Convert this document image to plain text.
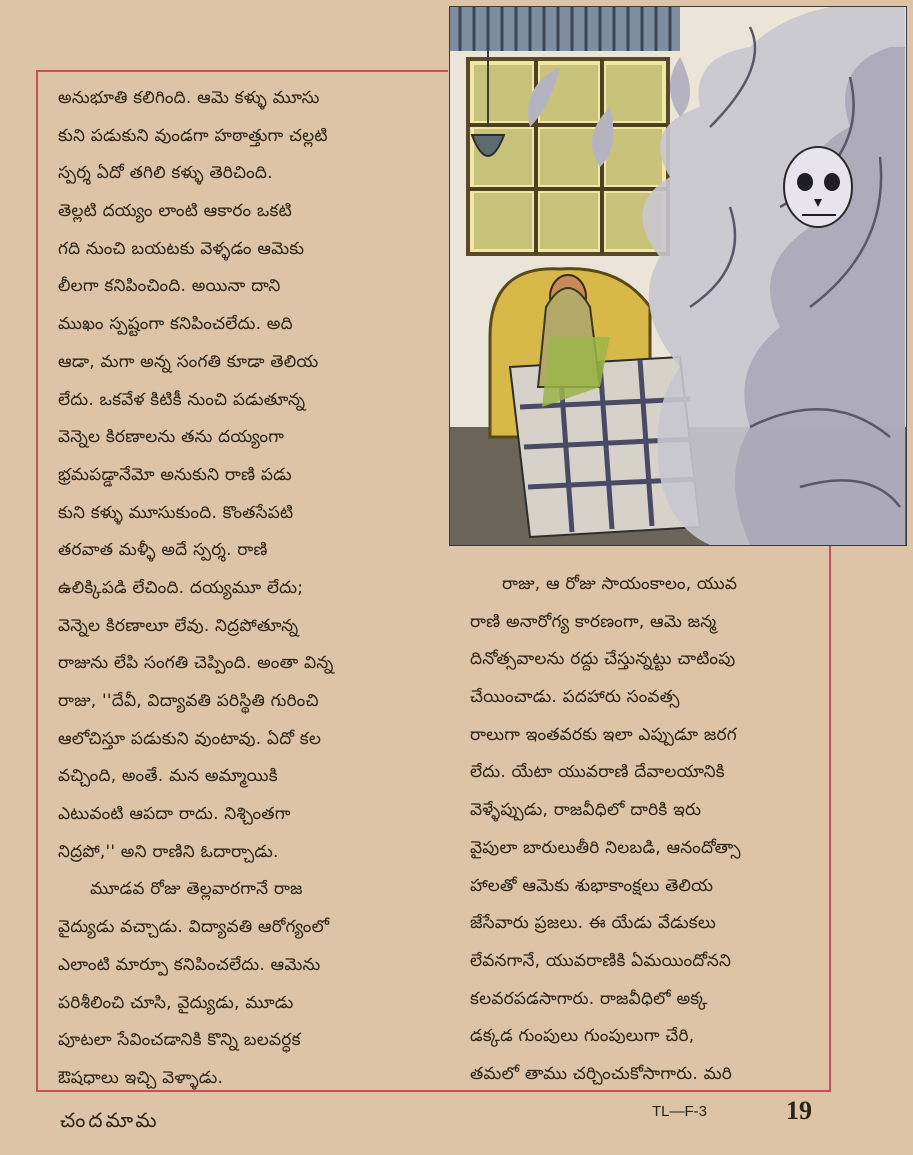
అనుభూతి కలిగింది. ఆమె కళ్ళు మూసు
కుని పడుకుని వుండగా హఠాత్తుగా చల్లటి
స్పర్శ ఏదో తగిలి కళ్ళు తెరిచింది.
తెల్లటి దయ్యం లాంటి ఆకారం ఒకటి
గది నుంచి బయటకు వెళ్ళడం ఆమెకు
లీలగా కనిపించింది. అయినా దాని
ముఖం స్పష్టంగా కనిపించలేదు. అది
ఆడా, మగా అన్న సంగతి కూడా తెలియ
లేదు. ఒకవేళ కిటికీ నుంచి పడుతూన్న
వెన్నెల కిరణాలను తను దయ్యంగా
భ్రమపడ్డానేమో అనుకుని రాణి పడు
కుని కళ్ళు మూసుకుంది. కొంతసేపటి
తరవాత మళ్ళీ అదే స్పర్శ. రాణి
ఉలిక్కిపడి లేచింది. దయ్యమూ లేదు;
వెన్నెల కిరణాలూ లేవు. నిద్రపోతూన్న
రాజును లేపి సంగతి చెప్పింది. అంతా విన్న
రాజు, ''దేవీ, విద్యావతి పరిస్థితి గురించి
ఆలోచిస్తూ పడుకుని వుంటావు. ఏదో కల
వచ్చింది, అంతే. మన అమ్మాయికి
ఎటువంటి ఆపదా రాదు. నిశ్చింతగా
నిద్రపో,'' అని రాణిని ఓదార్చాడు.
మూడవ రోజు తెల్లవారగానే రాజ
వైద్యుడు వచ్చాడు. విద్యావతి ఆరోగ్యంలో
ఎలాంటి మార్పూ కనిపించలేదు. ఆమెను
పరిశీలించి చూసి, వైద్యుడు, మూడు
పూటలా సేవించడానికి కొన్ని బలవర్ధక
ఔషధాలు ఇచ్చి వెళ్ళాడు.
రాజు, ఆ రోజు సాయంకాలం, యువ
రాణి అనారోగ్య కారణంగా, ఆమె జన్మ
దినోత్సవాలను రద్దు చేస్తున్నట్టు చాటింపు
చేయించాడు. పదహారు సంవత్స
రాలుగా ఇంతవరకు ఇలా ఎప్పుడూ జరగ
లేదు. యేటా యువరాణి దేవాలయానికి
వెళ్ళేప్పుడు, రాజవీధిలో దారికి ఇరు
వైపులా బారులుతీరి నిలబడి, ఆనందోత్సా
హాలతో ఆమెకు శుభాకాంక్షలు తెలియ
జేసేవారు ప్రజలు. ఈ యేడు వేడుకలు
లేవనగానే, యువరాణికి ఏమయిందోనని
కలవరపడసాగారు. రాజవీధిలో అక్క
డక్కడ గుంపులు గుంపులుగా చేరి,
తమలో తాము చర్చించుకోసాగారు. మరి
చందమామ	TL—F-3	19
